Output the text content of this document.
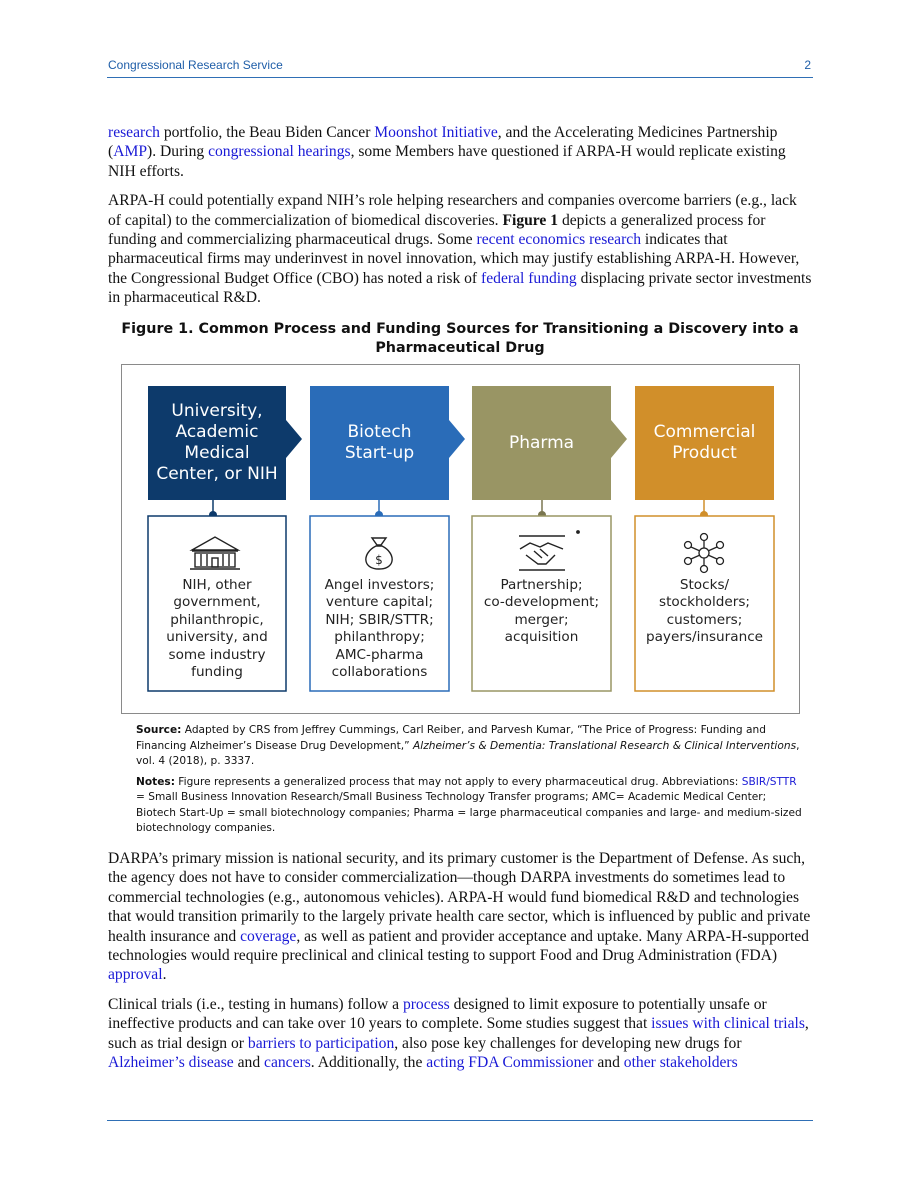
Congressional Research Service	2

research portfolio, the Beau Biden Cancer Moonshot Initiative, and the Accelerating Medicines Partnership (AMP). During congressional hearings, some Members have questioned if ARPA-H would replicate existing NIH efforts.

ARPA-H could potentially expand NIH’s role helping researchers and companies overcome barriers (e.g., lack of capital) to the commercialization of biomedical discoveries. Figure 1 depicts a generalized process for funding and commercializing pharmaceutical drugs. Some recent economics research indicates that pharmaceutical firms may underinvest in novel innovation, which may justify establishing ARPA-H. However, the Congressional Budget Office (CBO) has noted a risk of federal funding displacing private sector investments in pharmaceutical R&D.

Figure 1. Common Process and Funding Sources for Transitioning a Discovery into a Pharmaceutical Drug
$
University,
Academic
Medical
Center, or NIH
Biotech
Start-up
Pharma
Commercial
Product
NIH, other
government,
philanthropic,
university, and
some industry
funding
Angel investors;
venture capital;
NIH; SBIR/STTR;
philanthropy;
AMC-pharma
collaborations
Partnership;
co-development;
merger;
acquisition
Stocks/
stockholders;
customers;
payers/insurance

Source: Adapted by CRS from Jeffrey Cummings, Carl Reiber, and Parvesh Kumar, “The Price of Progress: Funding and Financing Alzheimer’s Disease Drug Development,” Alzheimer’s & Dementia: Translational Research & Clinical Interventions, vol. 4 (2018), p. 3337.

Notes: Figure represents a generalized process that may not apply to every pharmaceutical drug. Abbreviations: SBIR/STTR = Small Business Innovation Research/Small Business Technology Transfer programs; AMC= Academic Medical Center; Biotech Start-Up = small biotechnology companies; Pharma = large pharmaceutical companies and large- and medium-sized biotechnology companies.

DARPA’s primary mission is national security, and its primary customer is the Department of Defense. As such, the agency does not have to consider commercialization—though DARPA investments do sometimes lead to commercial technologies (e.g., autonomous vehicles). ARPA-H would fund biomedical R&D and technologies that would transition primarily to the largely private health care sector, which is influenced by public and private health insurance and coverage, as well as patient and provider acceptance and uptake. Many ARPA-H-supported technologies would require preclinical and clinical testing to support Food and Drug Administration (FDA) approval.

Clinical trials (i.e., testing in humans) follow a process designed to limit exposure to potentially unsafe or ineffective products and can take over 10 years to complete. Some studies suggest that issues with clinical trials, such as trial design or barriers to participation, also pose key challenges for developing new drugs for Alzheimer’s disease and cancers. Additionally, the acting FDA Commissioner and other stakeholders
